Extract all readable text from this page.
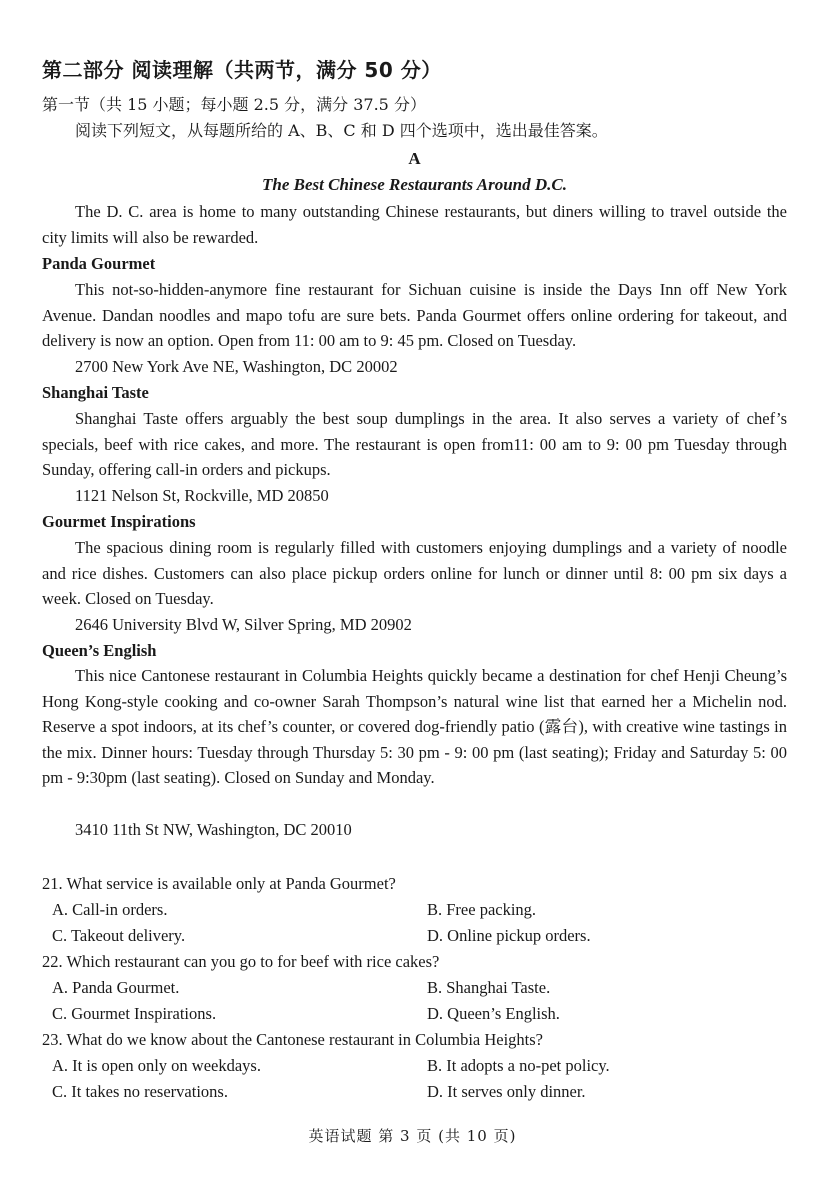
第二部分 阅读理解（共两节，满分 50 分）
第一节（共 15 小题；每小题 2.5 分，满分 37.5 分）
阅读下列短文，从每题所给的 A、B、C 和 D 四个选项中，选出最佳答案。
A
The Best Chinese Restaurants Around D.C.
The D. C. area is home to many outstanding Chinese restaurants, but diners willing to travel outside the city limits will also be rewarded.
Panda Gourmet
This not-so-hidden-anymore fine restaurant for Sichuan cuisine is inside the Days Inn off New York Avenue. Dandan noodles and mapo tofu are sure bets. Panda Gourmet offers online ordering for takeout, and delivery is now an option. Open from 11: 00 am to 9: 45 pm. Closed on Tuesday.
2700 New York Ave NE, Washington, DC 20002
Shanghai Taste
Shanghai Taste offers arguably the best soup dumplings in the area. It also serves a variety of chef’s specials, beef with rice cakes, and more. The restaurant is open from11: 00 am to 9: 00 pm Tuesday through Sunday, offering call-in orders and pickups.
1121 Nelson St, Rockville, MD 20850
Gourmet Inspirations
The spacious dining room is regularly filled with customers enjoying dumplings and a variety of noodle and rice dishes. Customers can also place pickup orders online for lunch or dinner until 8: 00 pm six days a week. Closed on Tuesday.
2646 University Blvd W, Silver Spring, MD 20902
Queen’s English
This nice Cantonese restaurant in Columbia Heights quickly became a destination for chef Henji Cheung’s Hong Kong-style cooking and co-owner Sarah Thompson’s natural wine list that earned her a Michelin nod. Reserve a spot indoors, at its chef’s counter, or covered dog-friendly patio (露台), with creative wine tastings in the mix. Dinner hours: Tuesday through Thursday 5: 30 pm - 9: 00 pm (last seating); Friday and Saturday 5: 00 pm - 9:30pm (last seating). Closed on Sunday and Monday.
3410 11th St NW, Washington, DC 20010
21. What service is available only at Panda Gourmet?
A. Call-in orders.	B. Free packing.
C. Takeout delivery.	D. Online pickup orders.
22. Which restaurant can you go to for beef with rice cakes?
A. Panda Gourmet.	B. Shanghai Taste.
C. Gourmet Inspirations.	D. Queen’s English.
23. What do we know about the Cantonese restaurant in Columbia Heights?
A. It is open only on weekdays.	B. It adopts a no-pet policy.
C. It takes no reservations.	D. It serves only dinner.
英语试题 第 3 页 (共 10 页)
